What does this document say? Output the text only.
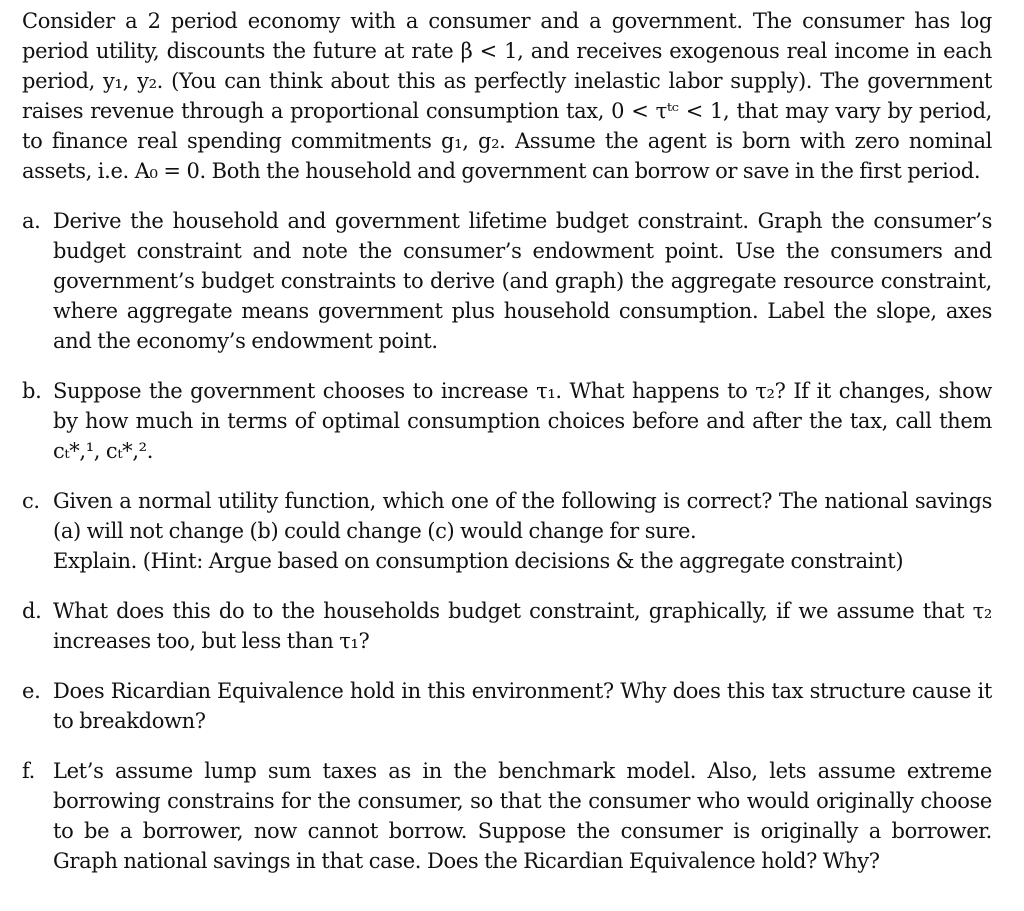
Consider a 2 period economy with a consumer and a government. The consumer has log period utility, discounts the future at rate β < 1, and receives exogenous real income in each period, y₁, y₂. (You can think about this as perfectly inelastic labor supply). The government raises revenue through a proportional consumption tax, 0 < τᵗᶜ < 1, that may vary by period, to finance real spending commitments g₁, g₂. Assume the agent is born with zero nominal assets, i.e. A₀ = 0. Both the household and government can borrow or save in the first period.

a. Derive the household and government lifetime budget constraint. Graph the consumer’s budget constraint and note the consumer’s endowment point. Use the consumers and government’s budget constraints to derive (and graph) the aggregate resource constraint, where aggregate means government plus household consumption. Label the slope, axes and the economy’s endowment point.

b. Suppose the government chooses to increase τ₁. What happens to τ₂? If it changes, show by how much in terms of optimal consumption choices before and after the tax, call them cₜ*,¹, cₜ*,².

c. Given a normal utility function, which one of the following is correct? The national savings (a) will not change (b) could change (c) would change for sure.
Explain. (Hint: Argue based on consumption decisions & the aggregate constraint)

d. What does this do to the households budget constraint, graphically, if we assume that τ₂ increases too, but less than τ₁?

e. Does Ricardian Equivalence hold in this environment? Why does this tax structure cause it to breakdown?

f. Let’s assume lump sum taxes as in the benchmark model. Also, lets assume extreme borrowing constrains for the consumer, so that the consumer who would originally choose to be a borrower, now cannot borrow. Suppose the consumer is originally a borrower. Graph national savings in that case. Does the Ricardian Equivalence hold? Why?
